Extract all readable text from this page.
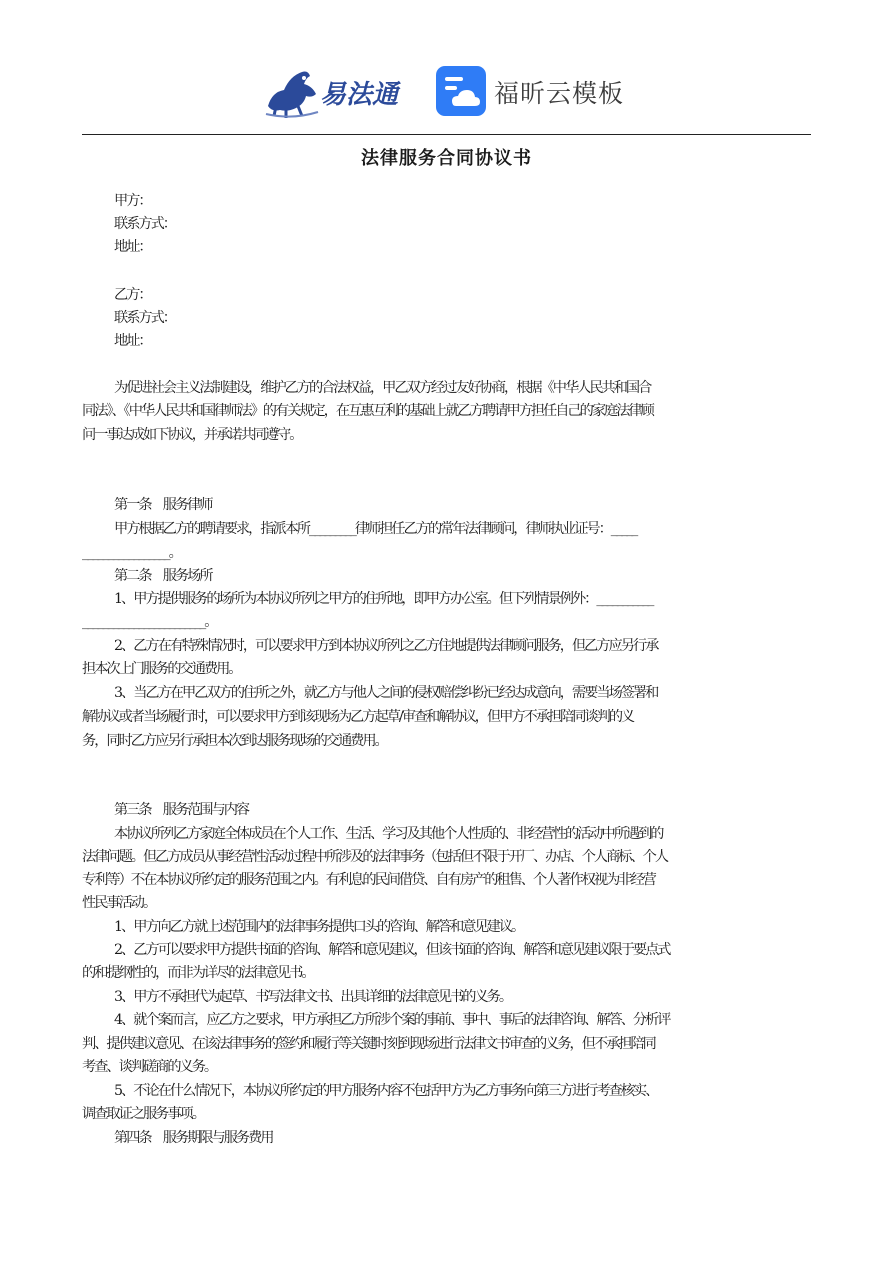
易法通	福昕云模板
法律服务合同协议书
甲方：
联系方式：
地址：
乙方：
联系方式：
地址：
为促进社会主义法制建设，维护乙方的合法权益，甲乙双方经过友好协商，根据《中华人民共和国合
同法》、《中华人民共和国律师法》的有关规定，在互惠互利的基础上就乙方聘请甲方担任自己的家庭法律顾
问一事达成如下协议，并承诺共同遵守。
第一条　服务律师
甲方根据乙方的聘请要求，指派本所_________律师担任乙方的常年法律顾问，律师执业证号：_____
_________________。
第二条　服务场所
1、甲方提供服务的场所为本协议所列之甲方的住所地，即甲方办公室。但下列情景例外：___________
________________________。
2、乙方在有特殊情况时，可以要求甲方到本协议所列之乙方住地提供法律顾问服务，但乙方应另行承
担本次上门服务的交通费用。
3、当乙方在甲乙双方的住所之外，就乙方与他人之间的侵权赔偿纠纷已经达成意向，需要当场签署和
解协议或者当场履行时，可以要求甲方到该现场为乙方起草/审查和解协议，但甲方不承担陪同谈判的义
务，同时乙方应另行承担本次到达服务现场的交通费用。
第三条　服务范围与内容
本协议所列乙方家庭全体成员在个人工作、生活、学习及其他个人性质的、非经营性的活动中所遇到的
法律问题。但乙方成员从事经营性活动过程中所涉及的法律事务（包括但不限于开厂、办店、个人商标、个人
专利等）不在本协议所约定的服务范围之内。有利息的民间借贷、自有房产的租售、个人著作权视为非经营
性民事活动。
1、甲方向乙方就上述范围内的法律事务提供口头的咨询、解答和意见建议。
2、乙方可以要求甲方提供书面的咨询、解答和意见建议，但该书面的咨询、解答和意见建议限于要点式
的和提纲性的，而非为详尽的法律意见书。
3、甲方不承担代为起草、书写法律文书、出具详细的法律意见书的义务。
4、就个案而言，应乙方之要求，甲方承担乙方所涉个案的事前、事中、事后的法律咨询、解答、分析评
判、提供建议意见、在该法律事务的签约和履行等关键时刻到现场进行法律文书审查的义务，但不承担陪同
考查、谈判磋商的义务。
5、不论在什么情况下，本协议所约定的甲方服务内容不包括甲方为乙方事务向第三方进行考查核实、
调查取证之服务事项。
第四条　服务期限与服务费用
